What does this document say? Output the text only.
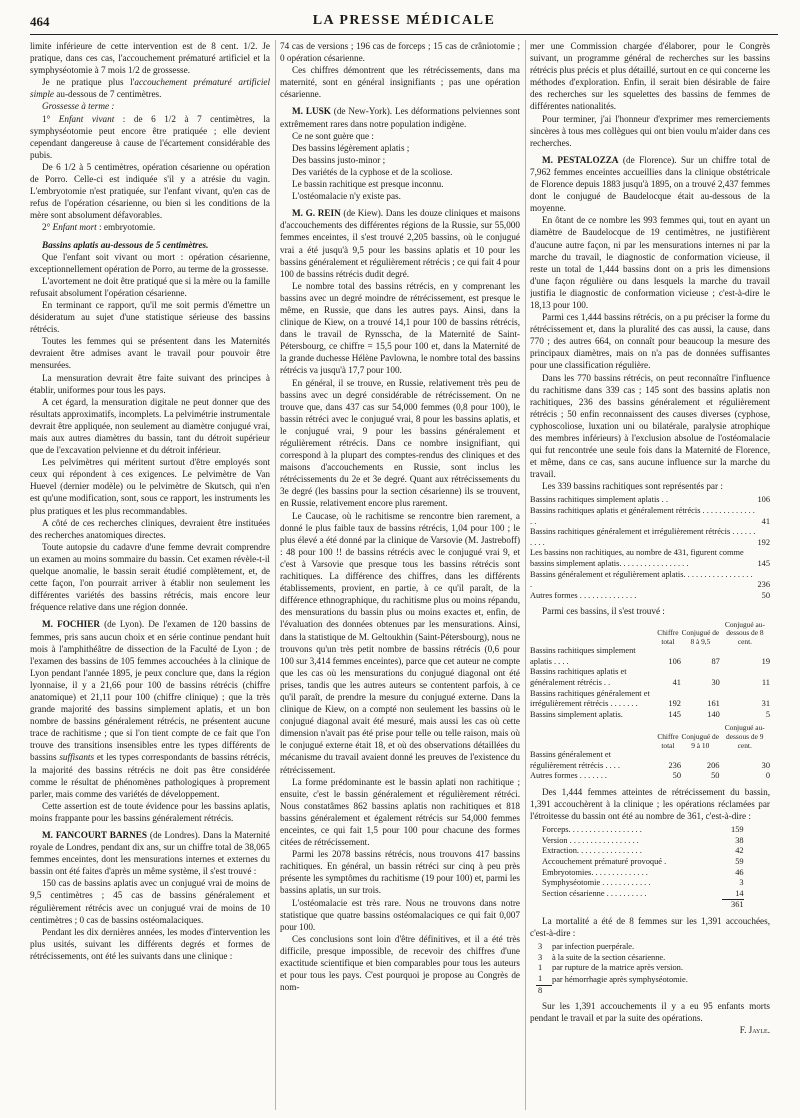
464	LA PRESSE MÉDICALE

limite inférieure de cette intervention est de 8 cent. 1/2. Je pratique, dans ces cas, l'accouchement prématuré artificiel et la symphyséotomie à 7 mois 1/2 de grossesse.

Je ne pratique plus l'accouchement prématuré artificiel simple au-dessous de 7 centimètres.

Grossesse à terme :

1° Enfant vivant : de 6 1/2 à 7 centimètres, la symphyséotomie peut encore être pratiquée ; elle devient cependant dangereuse à cause de l'écartement considérable des pubis.

De 6 1/2 à 5 centimètres, opération césarienne ou opération de Porro. Celle-ci est indiquée s'il y a atrésie du vagin. L'embryotomie n'est pratiquée, sur l'enfant vivant, qu'en cas de refus de l'opération césarienne, ou bien si les conditions de la mère sont absolument défavorables.

2° Enfant mort : embryotomie.

Bassins aplatis au-dessous de 5 centimètres.

Que l'enfant soit vivant ou mort : opération césarienne, exceptionnellement opération de Porro, au terme de la grossesse.

L'avortement ne doit être pratiqué que si la mère ou la famille refusait absolument l'opération césarienne.

En terminant ce rapport, qu'il me soit permis d'émettre un désideratum au sujet d'une statistique sérieuse des bassins rétrécis.

Toutes les femmes qui se présentent dans les Maternités devraient être admises avant le travail pour pouvoir être mensurées.

La mensuration devrait être faite suivant des principes à établir, uniformes pour tous les pays.

A cet égard, la mensuration digitale ne peut donner que des résultats approximatifs, incomplets. La pelvimétrie instrumentale devrait être appliquée, non seulement au diamètre conjugué vrai, mais aux autres diamètres du bassin, tant du détroit supérieur que de l'excavation pelvienne et du détroit inférieur.

Les pelvimètres qui méritent surtout d'être employés sont ceux qui répondent à ces exigences. Le pelvimètre de Van Huevel (dernier modèle) ou le pelvimètre de Skutsch, qui n'en est qu'une modification, sont, sous ce rapport, les instruments les plus pratiques et les plus recommandables.

A côté de ces recherches cliniques, devraient être instituées des recherches anatomiques directes.

Toute autopsie du cadavre d'une femme devrait comprendre un examen au moins sommaire du bassin. Cet examen révèle-t-il quelque anomalie, le bassin serait étudié complètement, et, de cette façon, l'on pourrait arriver à établir non seulement les différentes variétés des bassins rétrécis, mais encore leur fréquence relative dans une région donnée.

M. FOCHIER (de Lyon). De l'examen de 120 bassins de femmes, pris sans aucun choix et en série continue pendant huit mois à l'amphithéâtre de dissection de la Faculté de Lyon ; de l'examen des bassins de 105 femmes accouchées à la clinique de Lyon pendant l'année 1895, je peux conclure que, dans la région lyonnaise, il y a 21,66 pour 100 de bassins rétrécis (chiffre anatomique) et 21,11 pour 100 (chiffre clinique) ; que la très grande majorité des bassins simplement aplatis, et un bon nombre de bassins généralement rétrécis, ne présentent aucune trace de rachitisme ; que si l'on tient compte de ce fait que l'on trouve des transitions insensibles entre les types différents de bassins suffisants et les types correspondants de bassins rétrécis, la majorité des bassins rétrécis ne doit pas être considérée comme le résultat de phénomènes pathologiques à proprement parler, mais comme des variétés de développement.

Cette assertion est de toute évidence pour les bassins aplatis, moins frappante pour les bassins généralement rétrécis.

M. FANCOURT BARNES (de Londres). Dans la Maternité royale de Londres, pendant dix ans, sur un chiffre total de 38,065 femmes enceintes, dont les mensurations internes et externes du bassin ont été faites d'après un même système, il s'est trouvé :

150 cas de bassins aplatis avec un conjugué vrai de moins de 9,5 centimètres ; 45 cas de bassins généralement et régulièrement rétrécis avec un conjugué vrai de moins de 10 centimètres ; 0 cas de bassins ostéomalaciques.

Pendant les dix dernières années, les modes d'intervention les plus usités, suivant les différents degrés et formes de rétrécissements, ont été les suivants dans une clinique :

74 cas de versions ; 196 cas de forceps ; 15 cas de crâniotomie ; 0 opération césarienne.

Ces chiffres démontrent que les rétrécissements, dans ma maternité, sont en général insignifiants ; pas une opération césarienne.

M. LUSK (de New-York). Les déformations pelviennes sont extrêmement rares dans notre population indigène.

Ce ne sont guère que :

Des bassins légèrement aplatis ;

Des bassins justo-minor ;

Des variétés de la cyphose et de la scoliose.

Le bassin rachitique est presque inconnu.

L'ostéomalacie n'y existe pas.

M. G. REIN (de Kiew). Dans les douze cliniques et maisons d'accouchements des différentes régions de la Russie, sur 55,000 femmes enceintes, il s'est trouvé 2,205 bassins, où le conjugué vrai a été jusqu'à 9,5 pour les bassins aplatis et 10 pour les bassins généralement et régulièrement rétrécis ; ce qui fait 4 pour 100 de bassins rétrécis dudit degré.

Le nombre total des bassins rétrécis, en y comprenant les bassins avec un degré moindre de rétrécissement, est presque le même, en Russie, que dans les autres pays. Ainsi, dans la clinique de Kiew, on a trouvé 14,1 pour 100 de bassins rétrécis, dans le travail de Rynsscha, de la Maternité de Saint-Pétersbourg, ce chiffre = 15,5 pour 100 et, dans la Maternité de la grande duchesse Hélène Pavlowna, le nombre total des bassins rétrécis va jusqu'à 17,7 pour 100.

En général, il se trouve, en Russie, relativement très peu de bassins avec un degré considérable de rétrécissement. On ne trouve que, dans 437 cas sur 54,000 femmes (0,8 pour 100), le bassin rétréci avec le conjugué vrai, 8 pour les bassins aplatis, et le conjugué vrai, 9 pour les bassins généralement et régulièrement rétrécis. Dans ce nombre insignifiant, qui correspond à la plupart des comptes-rendus des cliniques et des maisons d'accouchements en Russie, sont inclus les rétrécissements du 2e et 3e degré. Quant aux rétrécissements du 3e degré (les bassins pour la section césarienne) ils se trouvent, en Russie, relativement encore plus rarement.

Le Caucase, où le rachitisme se rencontre bien rarement, a donné le plus faible taux de bassins rétrécis, 1,04 pour 100 ; le plus élevé a été donné par la clinique de Varsovie (M. Jastreboff) : 48 pour 100 !! de bassins rétrécis avec le conjugué vrai 9, et c'est à Varsovie que presque tous les bassins rétrécis sont rachitiques. La différence des chiffres, dans les différents établissements, provient, en partie, à ce qu'il paraît, de la différence ethnographique, du rachitisme plus ou moins répandu, des mensurations du bassin plus ou moins exactes et, enfin, de l'évaluation des données obtenues par les mensurations. Ainsi, dans la statistique de M. Geltoukhin (Saint-Pétersbourg), nous ne trouvons qu'un très petit nombre de bassins rétrécis (0,6 pour 100 sur 3,414 femmes enceintes), parce que cet auteur ne compte que les cas où les mensurations du conjugué diagonal ont été prises, tandis que les autres auteurs se contentent parfois, à ce qu'il paraît, de prendre la mesure du conjugué externe. Dans la clinique de Kiew, on a compté non seulement les bassins où le conjugué diagonal avait été mesuré, mais aussi les cas où cette dimension n'avait pas été prise pour telle ou telle raison, mais où le conjugué externe était 18, et où des observations détaillées du mécanisme du travail avaient donné les preuves de l'existence du rétrécissement.

La forme prédominante est le bassin aplati non rachitique ; ensuite, c'est le bassin généralement et régulièrement rétréci. Nous constatâmes 862 bassins aplatis non rachitiques et 818 bassins généralement et également rétrécis sur 54,000 femmes enceintes, ce qui fait 1,5 pour 100 pour chacune des formes citées de rétrécissement.

Parmi les 2078 bassins rétrécis, nous trouvons 417 bassins rachitiques. En général, un bassin rétréci sur cinq à peu près présente les symptômes du rachitisme (19 pour 100) et, parmi les bassins aplatis, un sur trois.

L'ostéomalacie est très rare. Nous ne trouvons dans notre statistique que quatre bassins ostéomalaciques ce qui fait 0,007 pour 100.

Ces conclusions sont loin d'être définitives, et il a été très difficile, presque impossible, de recevoir des chiffres d'une exactitude scientifique et bien comparables pour tous les auteurs et pour tous les pays. C'est pourquoi je propose au Congrès de nom-

mer une Commission chargée d'élaborer, pour le Congrès suivant, un programme général de recherches sur les bassins rétrécis plus précis et plus détaillé, surtout en ce qui concerne les méthodes d'exploration. Enfin, il serait bien désirable de faire des recherches sur les squelettes des bassins de femmes de différentes nationalités.

Pour terminer, j'ai l'honneur d'exprimer mes remerciements sincères à tous mes collègues qui ont bien voulu m'aider dans ces recherches.

M. PESTALOZZA (de Florence). Sur un chiffre total de 7,962 femmes enceintes accueillies dans la clinique obstétricale de Florence depuis 1883 jusqu'à 1895, on a trouvé 2,437 femmes dont le conjugué de Baudelocque était au-dessous de la moyenne.

En ôtant de ce nombre les 993 femmes qui, tout en ayant un diamètre de Baudelocque de 19 centimètres, ne justifièrent d'aucune autre façon, ni par les mensurations internes ni par la marche du travail, le diagnostic de conformation vicieuse, il reste un total de 1,444 bassins dont on a pris les dimensions d'une façon régulière ou dans lesquels la marche du travail justifia le diagnostic de conformation vicieuse ; c'est-à-dire le 18,13 pour 100.

Parmi ces 1,444 bassins rétrécis, on a pu préciser la forme du rétrécissement et, dans la pluralité des cas aussi, la cause, dans 770 ; des autres 664, on connaît pour beaucoup la mesure des principaux diamètres, mais on n'a pas de données suffisantes pour une classification régulière.

Dans les 770 bassins rétrécis, on peut reconnaître l'influence du rachitisme dans 339 cas ; 145 sont des bassins aplatis non rachitiques, 236 des bassins généralement et régulièrement rétrécis ; 50 enfin reconnaissent des causes diverses (cyphose, cyphoscoliose, luxation uni ou bilatérale, paralysie atrophique des membres inférieurs) à l'exclusion absolue de l'ostéomalacie qui fut rencontrée une seule fois dans la Maternité de Florence, et même, dans ce cas, sans aucune influence sur la marche du travail.

Les 339 bassins rachitiques sont représentés par :

Bassins rachitiques simplement aplatis . .	106
Bassins rachitiques aplatis et généralement rétrécis . . . . . . . . . . . . . . .	41
Bassins rachitiques généralement et irrégulièrement rétrécis . . . . . . . . . .	192
Les bassins non rachitiques, au nombre de 431, figurent comme bassins simplement aplatis. . . . . . . . . . . . . . . . .	145
Bassins généralement et régulièrement aplatis. . . . . . . . . . . . . . . . . .	236
Autres formes . . . . . . . . . . . . . .	50

Parmi ces bassins, il s'est trouvé :

	Chiffre total	Conjugué de 8 à 9,5	Conjugué au-dessous de 8 cent.
Bassins rachitiques simplement aplatis . . . .	106	87	19
Bassins rachitiques aplatis et généralement rétrécis . .	41	30	11
Bassins rachitiques généralement et irrégulièrement rétrécis . . . . . . .	192	161	31
Bassins simplement aplatis.	145	140	5
	Chiffre total	Conjugué de 9 à 10	Conjugué au-dessous de 9 cent.
Bassins généralement et régulièrement rétrécis . . . .	236	206	30
Autres formes . . . . . . .	50	50	0

Des 1,444 femmes atteintes de rétrécissement du bassin, 1,391 accouchèrent à la clinique ; les opérations réclamées par l'étroitesse du bassin ont été au nombre de 361, c'est-à-dire :

Forceps. . . . . . . . . . . . . . . . . .	159
Version . . . . . . . . . . . . . . . . .	38
Extraction. . . . . . . . . . . . . . . .	42
Accouchement prématuré provoqué .	59
Embryotomies. . . . . . . . . . . . . .	46
Symphyséotomie . . . . . . . . . . . .	3
Section césarienne . . . . . . . . . .	14
	361

La mortalité a été de 8 femmes sur les 1,391 accouchées, c'est-à-dire :

3	par infection puerpérale.
3	à la suite de la section césarienne.
1	par rupture de la matrice après version.
1	par hémorrhagie après symphyséotomie.
8	

Sur les 1,391 accouchements il y a eu 95 enfants morts pendant le travail et par la suite des opérations.

F. Jayle.
